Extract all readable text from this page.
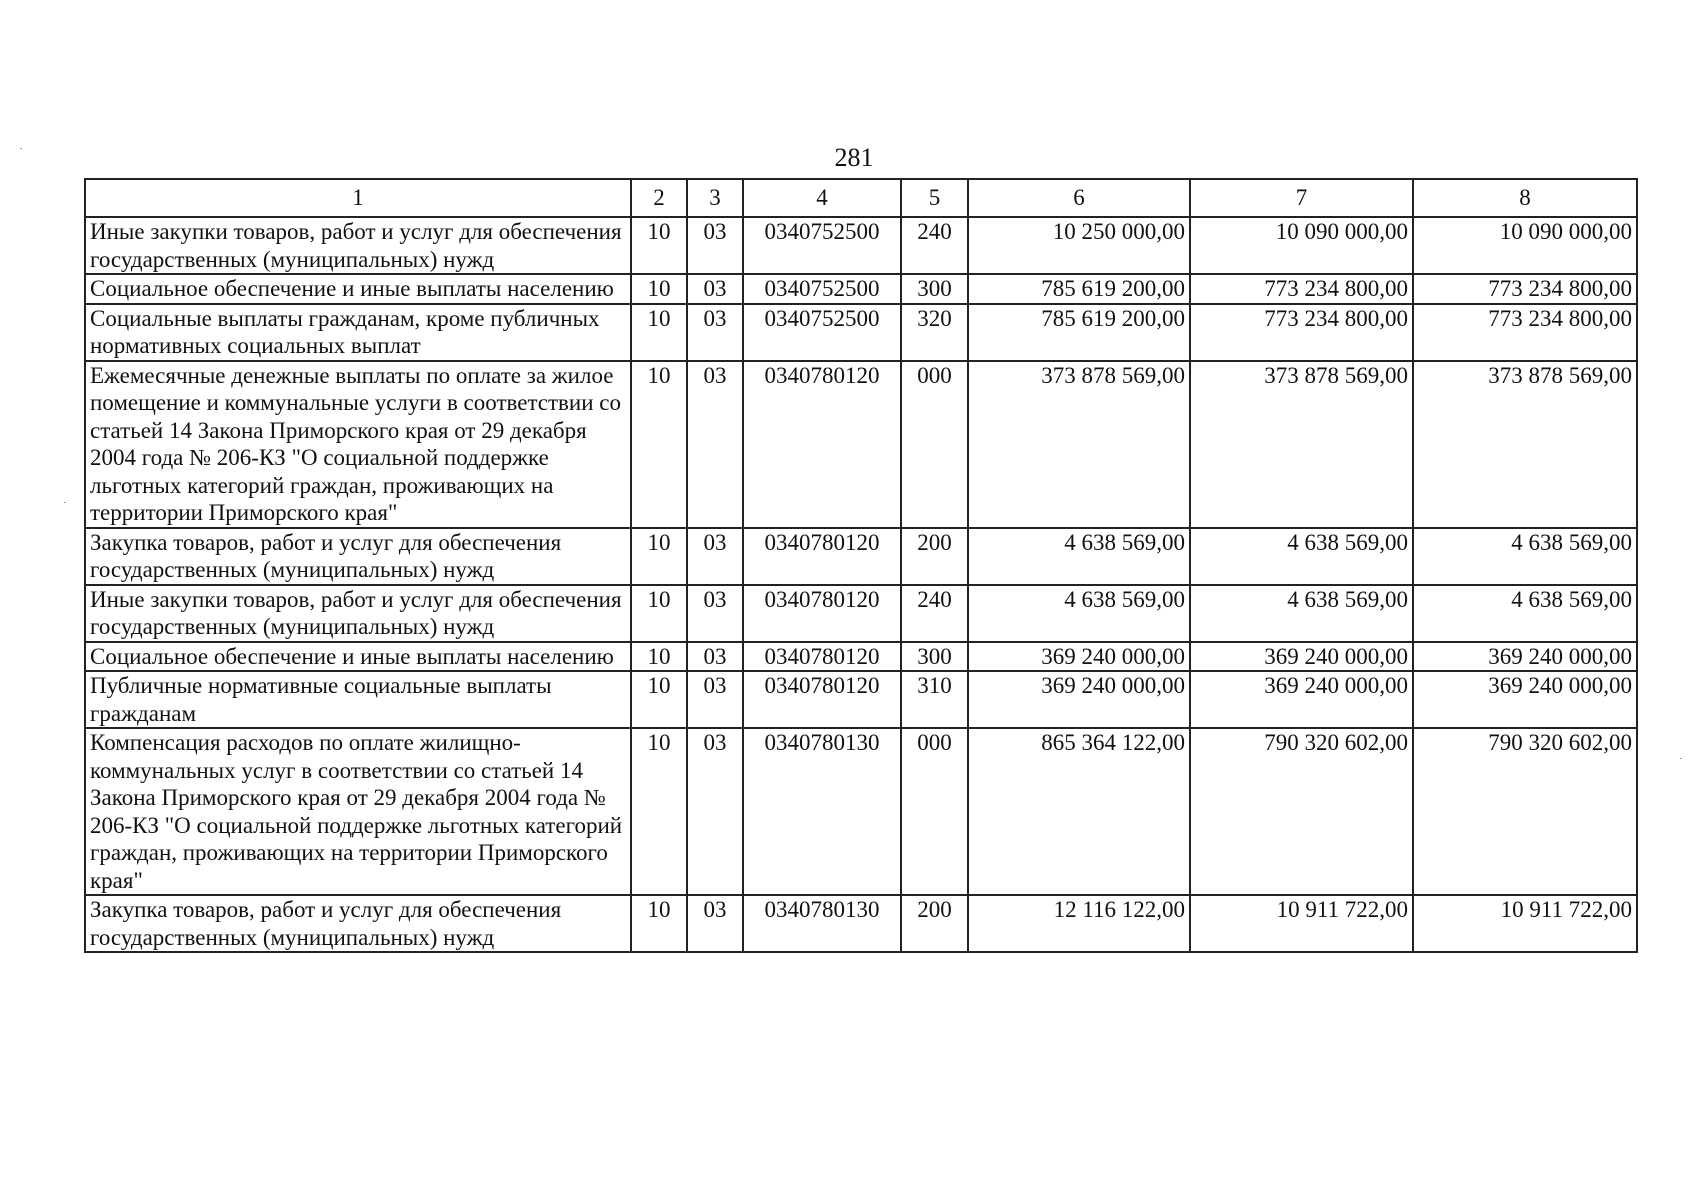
281
1	2	3	4	5	6	7	8
Иные закупки товаров, работ и услуг для обеспечения государственных (муниципальных) нужд	10	03	0340752500	240	10 250 000,00	10 090 000,00	10 090 000,00
Социальное обеспечение и иные выплаты населению	10	03	0340752500	300	785 619 200,00	773 234 800,00	773 234 800,00
Социальные выплаты гражданам, кроме публичных нормативных социальных выплат	10	03	0340752500	320	785 619 200,00	773 234 800,00	773 234 800,00
Ежемесячные денежные выплаты по оплате за жилое помещение и коммунальные услуги в соответствии со статьей 14 Закона Приморского края от 29 декабря 2004 года № 206-КЗ "О социальной поддержке льготных категорий граждан, проживающих на территории Приморского края"	10	03	0340780120	000	373 878 569,00	373 878 569,00	373 878 569,00
Закупка товаров, работ и услуг для обеспечения государственных (муниципальных) нужд	10	03	0340780120	200	4 638 569,00	4 638 569,00	4 638 569,00
Иные закупки товаров, работ и услуг для обеспечения государственных (муниципальных) нужд	10	03	0340780120	240	4 638 569,00	4 638 569,00	4 638 569,00
Социальное обеспечение и иные выплаты населению	10	03	0340780120	300	369 240 000,00	369 240 000,00	369 240 000,00
Публичные нормативные социальные выплаты гражданам	10	03	0340780120	310	369 240 000,00	369 240 000,00	369 240 000,00
Компенсация расходов по оплате жилищно-коммунальных услуг в соответствии со статьей 14 Закона Приморского края от 29 декабря 2004 года № 206-КЗ "О социальной поддержке льготных категорий граждан, проживающих на территории Приморского края"	10	03	0340780130	000	865 364 122,00	790 320 602,00	790 320 602,00
Закупка товаров, работ и услуг для обеспечения государственных (муниципальных) нужд	10	03	0340780130	200	12 116 122,00	10 911 722,00	10 911 722,00
